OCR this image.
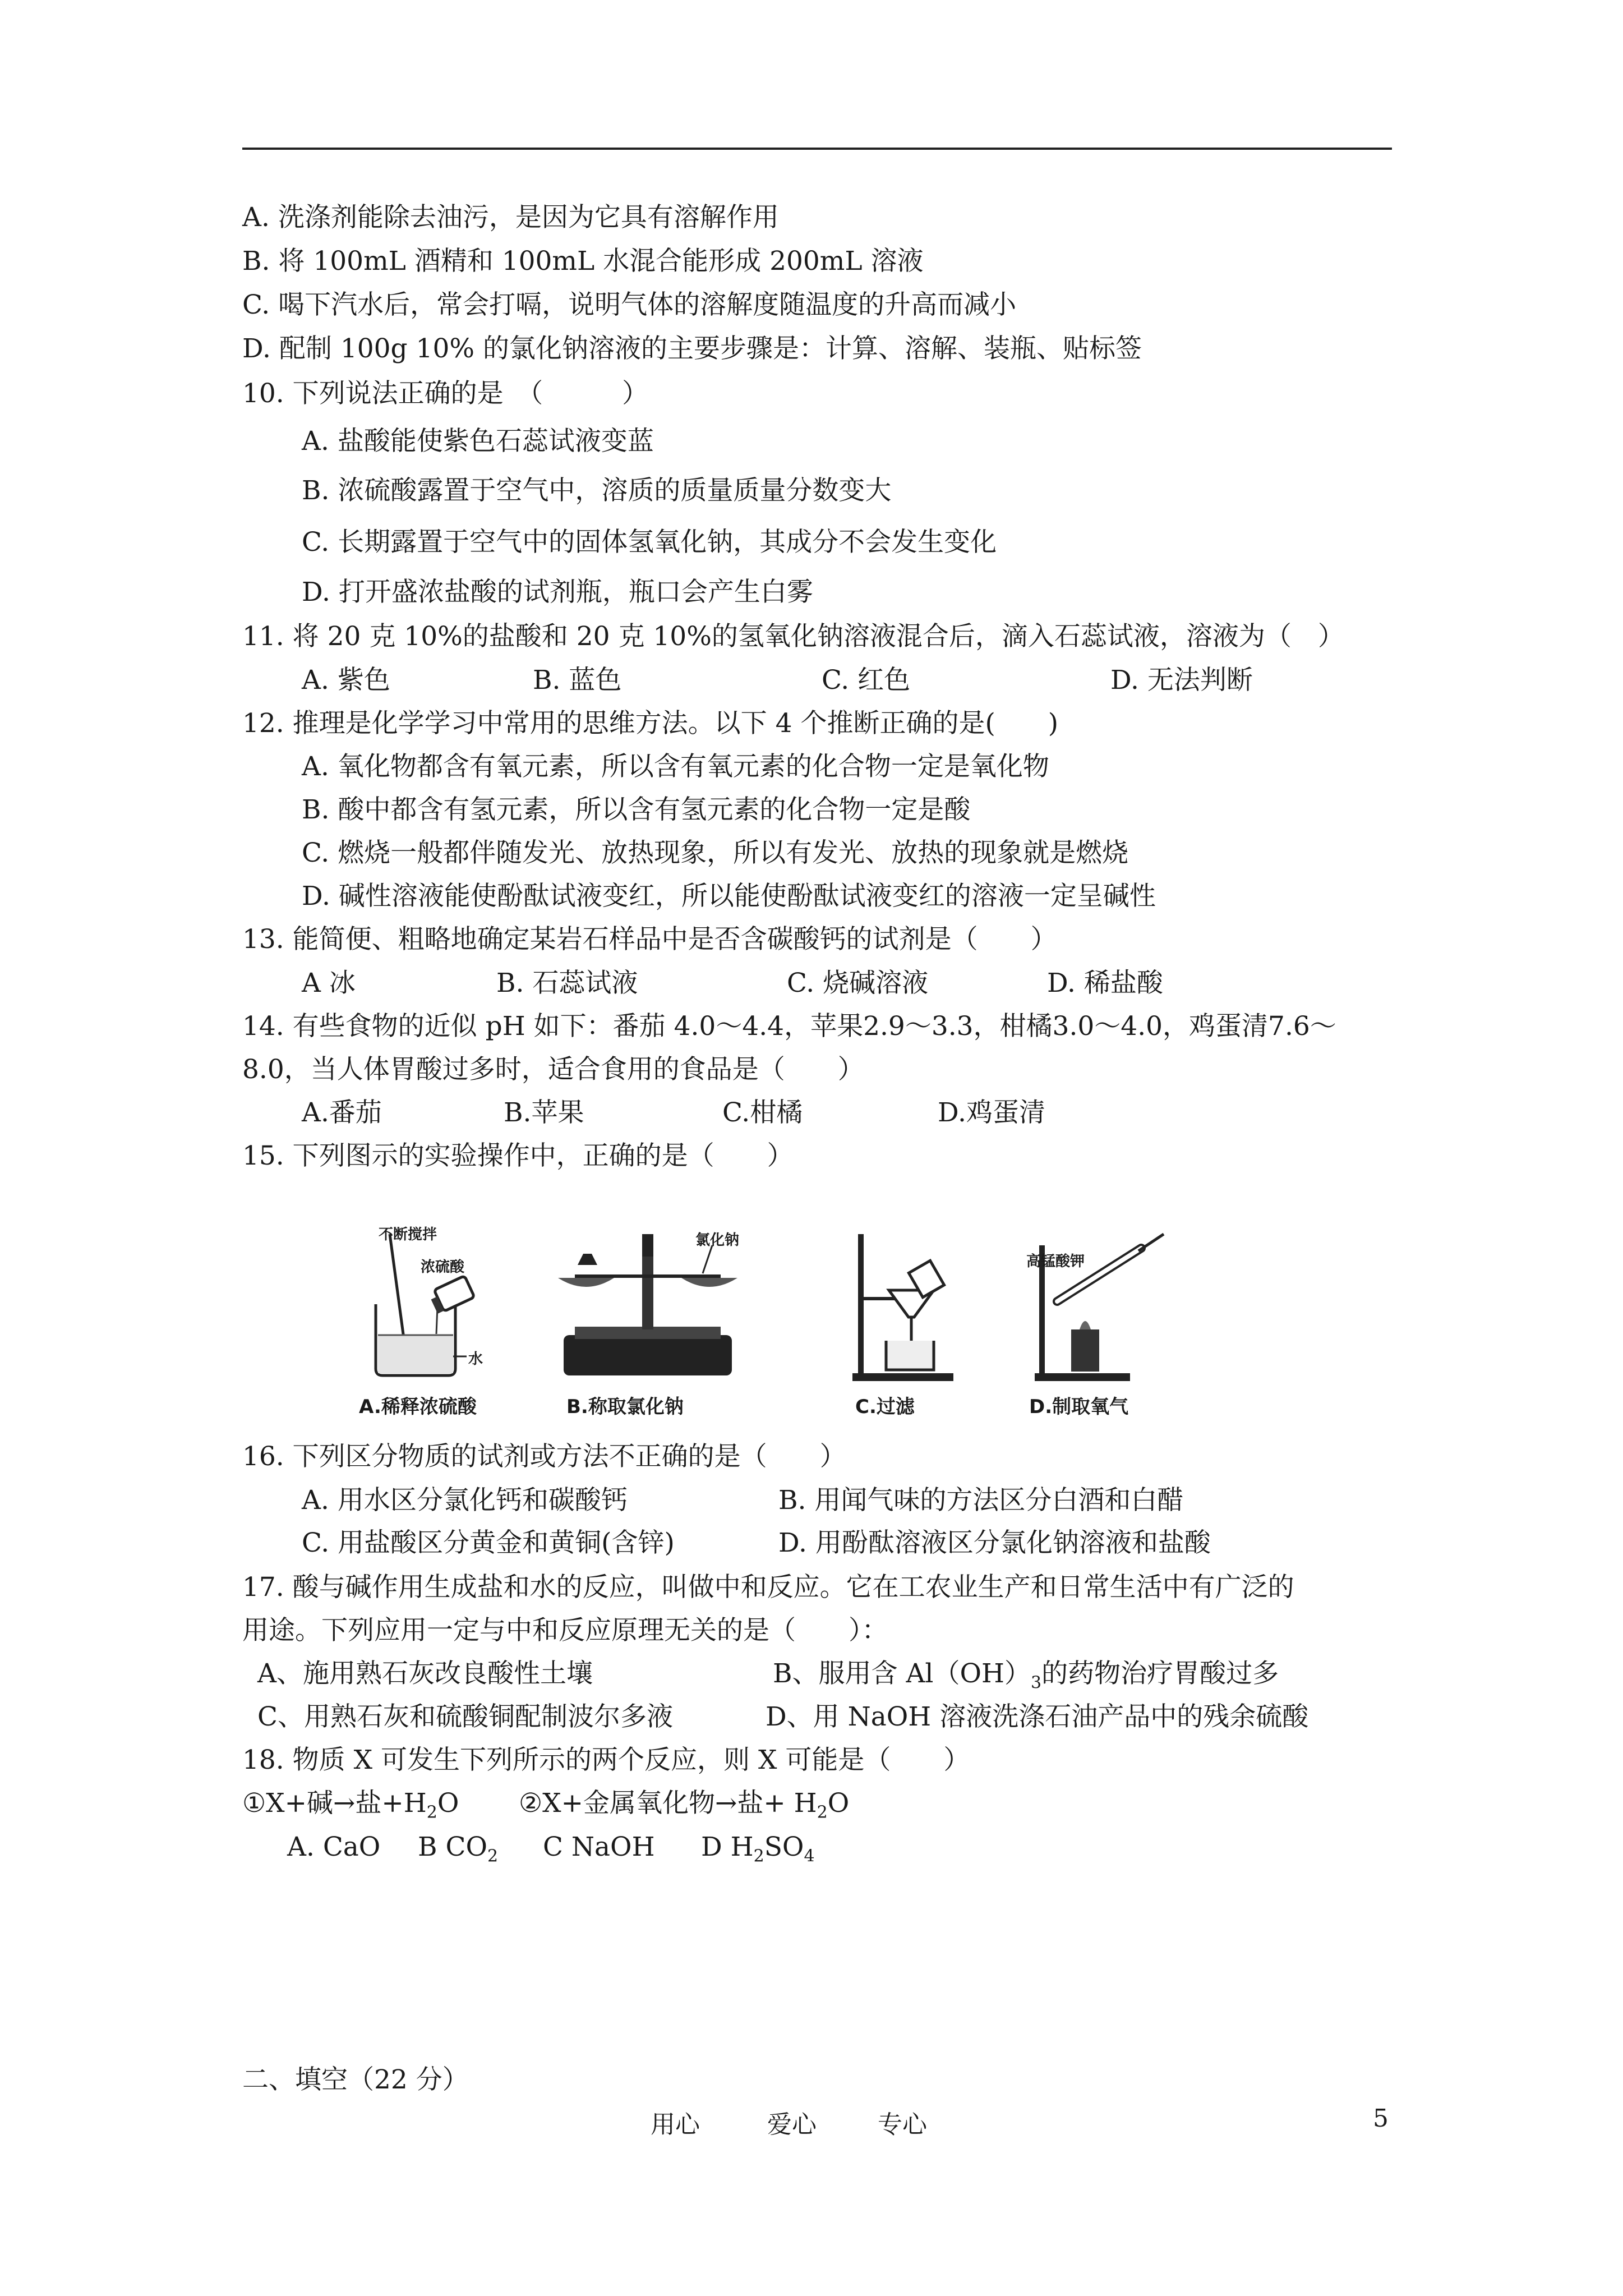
A. 洗涤剂能除去油污，是因为它具有溶解作用
B. 将 100mL 酒精和 100mL 水混合能形成 200mL 溶液
C. 喝下汽水后，常会打嗝，说明气体的溶解度随温度的升高而减小
D. 配制 100g 10% 的氯化钠溶液的主要步骤是：计算、溶解、装瓶、贴标签
10. 下列说法正确的是　（　　　）
A. 盐酸能使紫色石蕊试液变蓝
B. 浓硫酸露置于空气中，溶质的质量质量分数变大
C. 长期露置于空气中的固体氢氧化钠，其成分不会发生变化
D. 打开盛浓盐酸的试剂瓶，瓶口会产生白雾
11. 将 20 克 10%的盐酸和 20 克 10%的氢氧化钠溶液混合后，滴入石蕊试液，溶液为（　）
A. 紫色	B. 蓝色	C. 红色	D. 无法判断
12. 推理是化学学习中常用的思维方法。以下 4 个推断正确的是(　　)
A. 氧化物都含有氧元素，所以含有氧元素的化合物一定是氧化物
B. 酸中都含有氢元素，所以含有氢元素的化合物一定是酸
C. 燃烧一般都伴随发光、放热现象，所以有发光、放热的现象就是燃烧
D. 碱性溶液能使酚酞试液变红，所以能使酚酞试液变红的溶液一定呈碱性
13. 能简便、粗略地确定某岩石样品中是否含碳酸钙的试剂是（　　）
A 冰	B. 石蕊试液	C. 烧碱溶液	D. 稀盐酸
14. 有些食物的近似 pH 如下：番茄 4.0～4.4，苹果2.9～3.3，柑橘3.0～4.0，鸡蛋清7.6～
8.0，当人体胃酸过多时，适合食用的食品是（　　）
A.番茄	B.苹果	C.柑橘	D.鸡蛋清
15. 下列图示的实验操作中，正确的是（　　）
不断搅拌
浓硫酸
水
A.稀释浓硫酸
氯化钠
B.称取氯化钠	C.过滤
高锰酸钾
D.制取氧气
16. 下列区分物质的试剂或方法不正确的是（　　）
A. 用水区分氯化钙和碳酸钙	B. 用闻气味的方法区分白酒和白醋
C. 用盐酸区分黄金和黄铜(含锌)	D. 用酚酞溶液区分氯化钠溶液和盐酸
17. 酸与碱作用生成盐和水的反应，叫做中和反应。它在工农业生产和日常生活中有广泛的
用途。下列应用一定与中和反应原理无关的是（　　）：
A、施用熟石灰改良酸性土壤	B、服用含 $Al(OH)_3$的药物治疗胃酸过多
C、用熟石灰和硫酸铜配制波尔多液	D、用 NaOH 溶液洗涤石油产品中的残余硫酸
18. 物质 X 可发生下列所示的两个反应，则 X 可能是（　　）
①X+碱→盐$+H_2O$ ②X+金属氧化物→盐+ $H_2O$
A. CaO B $CO_2$ C NaOH D $H_2SO_4$
二、填空（22 分）
用心	爱心 专心	5
